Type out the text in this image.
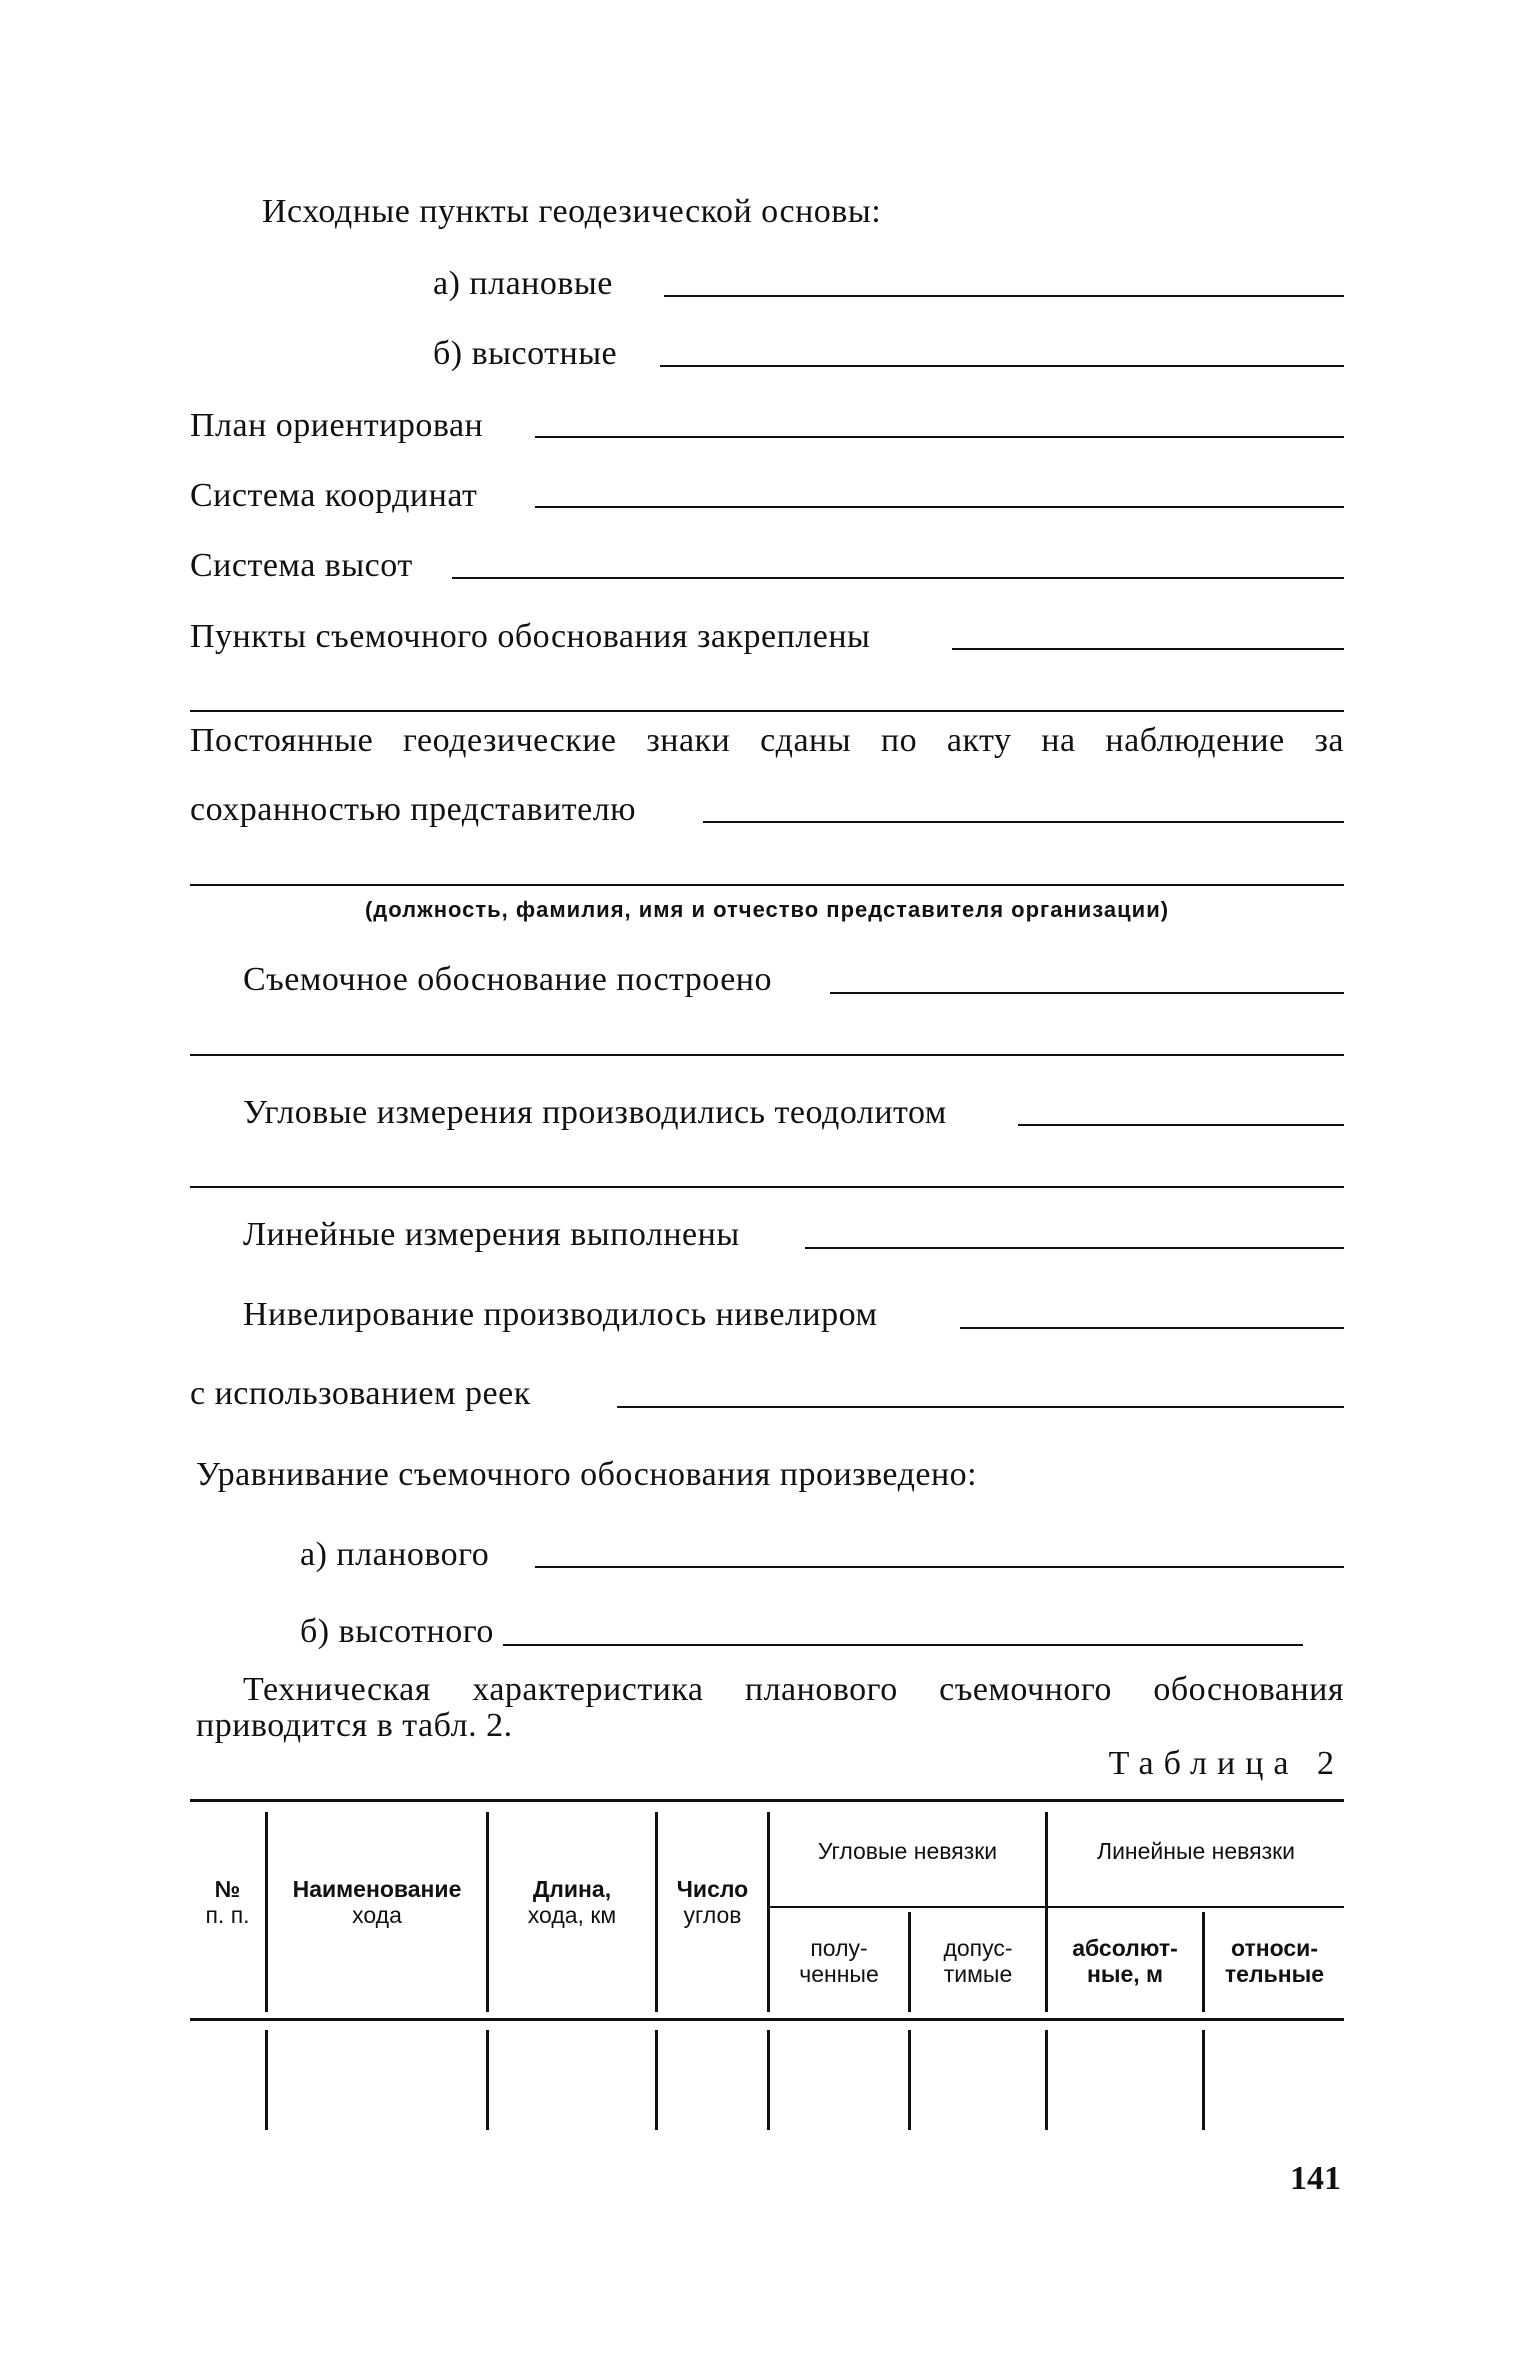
Исходные пункты геодезической основы:
а) плановые
б) высотные
План ориентирован
Система координат
Система высот
Пункты съемочного обоснования закреплены
Постоянные геодезические знаки сданы по акту на наблюдение за
сохранностью представителю
(должность, фамилия, имя и отчество представителя организации)
Съемочное обоснование построено
Угловые измерения производились теодолитом
Линейные измерения выполнены
Нивелирование производилось нивелиром
с использованием реек
Уравнивание съемочного обоснования произведено:
а) планового
б) высотного
Техническая характеристика планового съемочного обоснования
приводится в табл. 2.
Таблица 2
№
п. п.
Наименование
хода
Длина,
хода, км
Число
углов
Угловые невязки	Линейные невязки
полу-
ченные
допус-
тимые
абсолют-
ные, м
относи-
тельные
141
